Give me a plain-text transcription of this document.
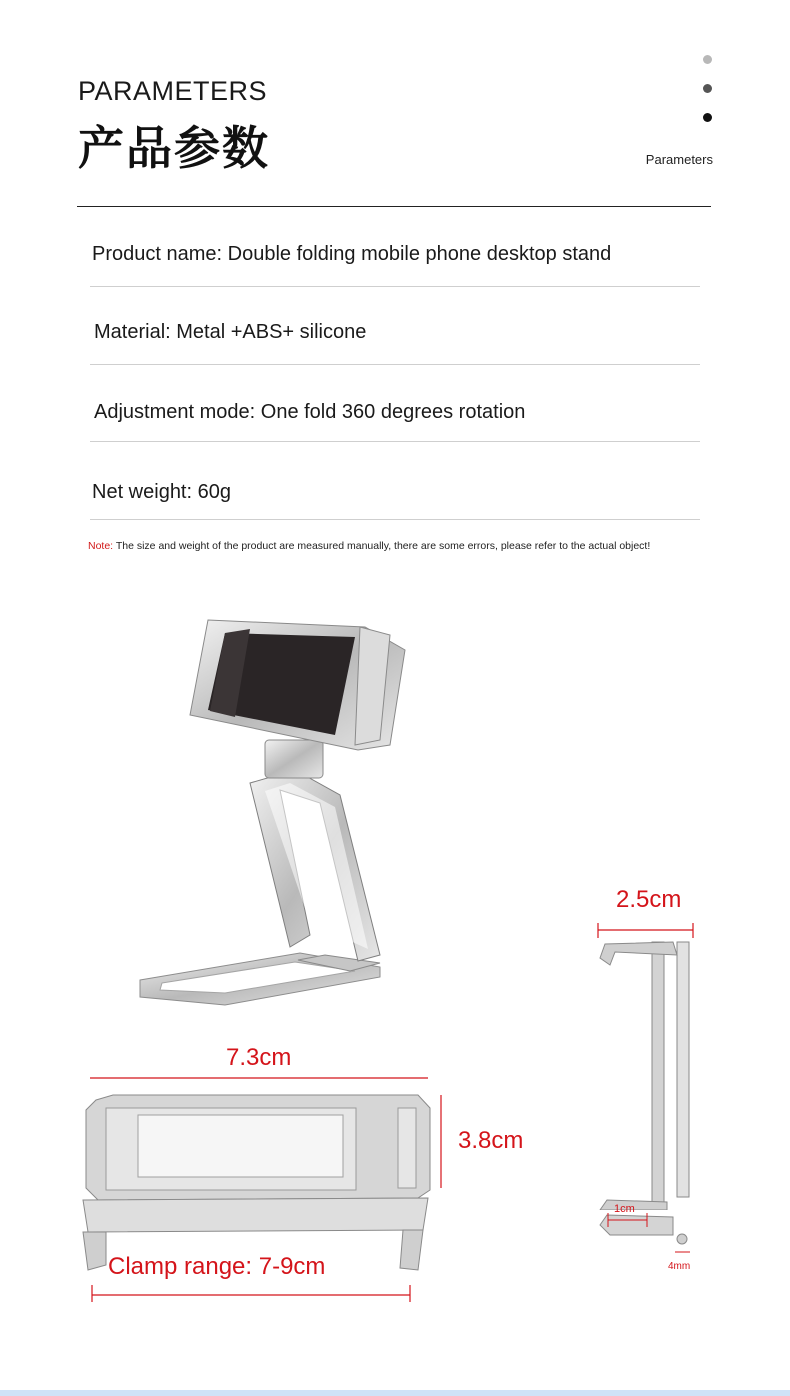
PARAMETERS
产品参数	Parameters
Product name: Double folding mobile phone desktop stand
Material: Metal +ABS+ silicone
Adjustment mode: One fold 360 degrees rotation
Net weight: 60g
Note: The size and weight of the product are measured manually, there are some errors, please refer to the actual object!
2.5cm
1cm
4mm
7.3cm
3.8cm
Clamp range: 7-9cm
